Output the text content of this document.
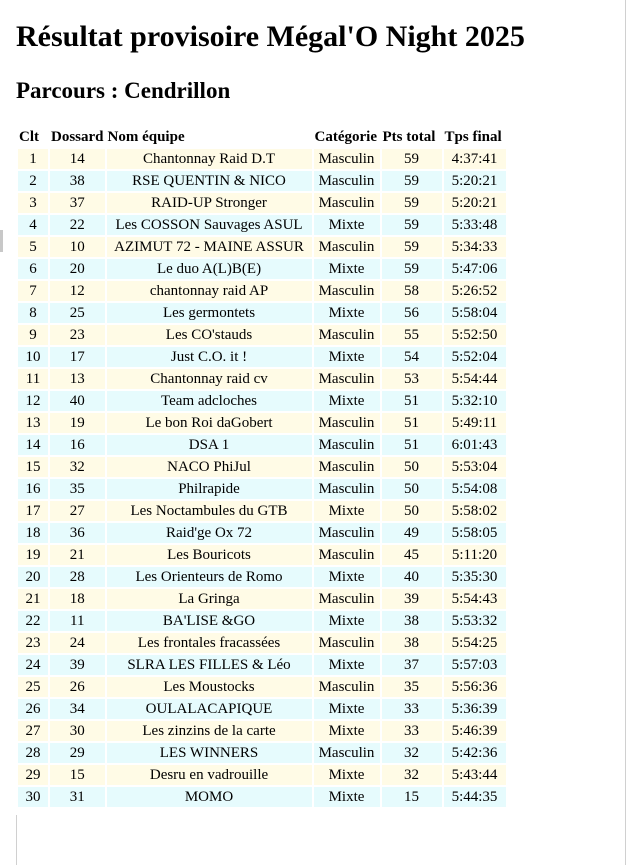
Résultat provisoire Mégal'O Night 2025
Parcours : Cendrillon
Clt	Dossard	Nom équipe	Catégorie	Pts total	Tps final
1	14	Chantonnay Raid D.T	Masculin	59	4:37:41
2	38	RSE QUENTIN & NICO	Masculin	59	5:20:21
3	37	RAID-UP Stronger	Masculin	59	5:20:21
4	22	Les COSSON Sauvages ASUL	Mixte	59	5:33:48
5	10	AZIMUT 72 - MAINE ASSUR	Masculin	59	5:34:33
6	20	Le duo A(L)B(E)	Mixte	59	5:47:06
7	12	chantonnay raid AP	Masculin	58	5:26:52
8	25	Les germontets	Mixte	56	5:58:04
9	23	Les CO'stauds	Masculin	55	5:52:50
10	17	Just C.O. it !	Mixte	54	5:52:04
11	13	Chantonnay raid cv	Masculin	53	5:54:44
12	40	Team adcloches	Mixte	51	5:32:10
13	19	Le bon Roi daGobert	Masculin	51	5:49:11
14	16	DSA 1	Masculin	51	6:01:43
15	32	NACO PhiJul	Masculin	50	5:53:04
16	35	Philrapide	Masculin	50	5:54:08
17	27	Les Noctambules du GTB	Mixte	50	5:58:02
18	36	Raid'ge Ox 72	Masculin	49	5:58:05
19	21	Les Bouricots	Masculin	45	5:11:20
20	28	Les Orienteurs de Romo	Mixte	40	5:35:30
21	18	La Gringa	Masculin	39	5:54:43
22	11	BA'LISE &GO	Mixte	38	5:53:32
23	24	Les frontales fracassées	Masculin	38	5:54:25
24	39	SLRA LES FILLES & Léo	Mixte	37	5:57:03
25	26	Les Moustocks	Masculin	35	5:56:36
26	34	OULALACAPIQUE	Mixte	33	5:36:39
27	30	Les zinzins de la carte	Mixte	33	5:46:39
28	29	LES WINNERS	Masculin	32	5:42:36
29	15	Desru en vadrouille	Mixte	32	5:43:44
30	31	MOMO	Mixte	15	5:44:35
